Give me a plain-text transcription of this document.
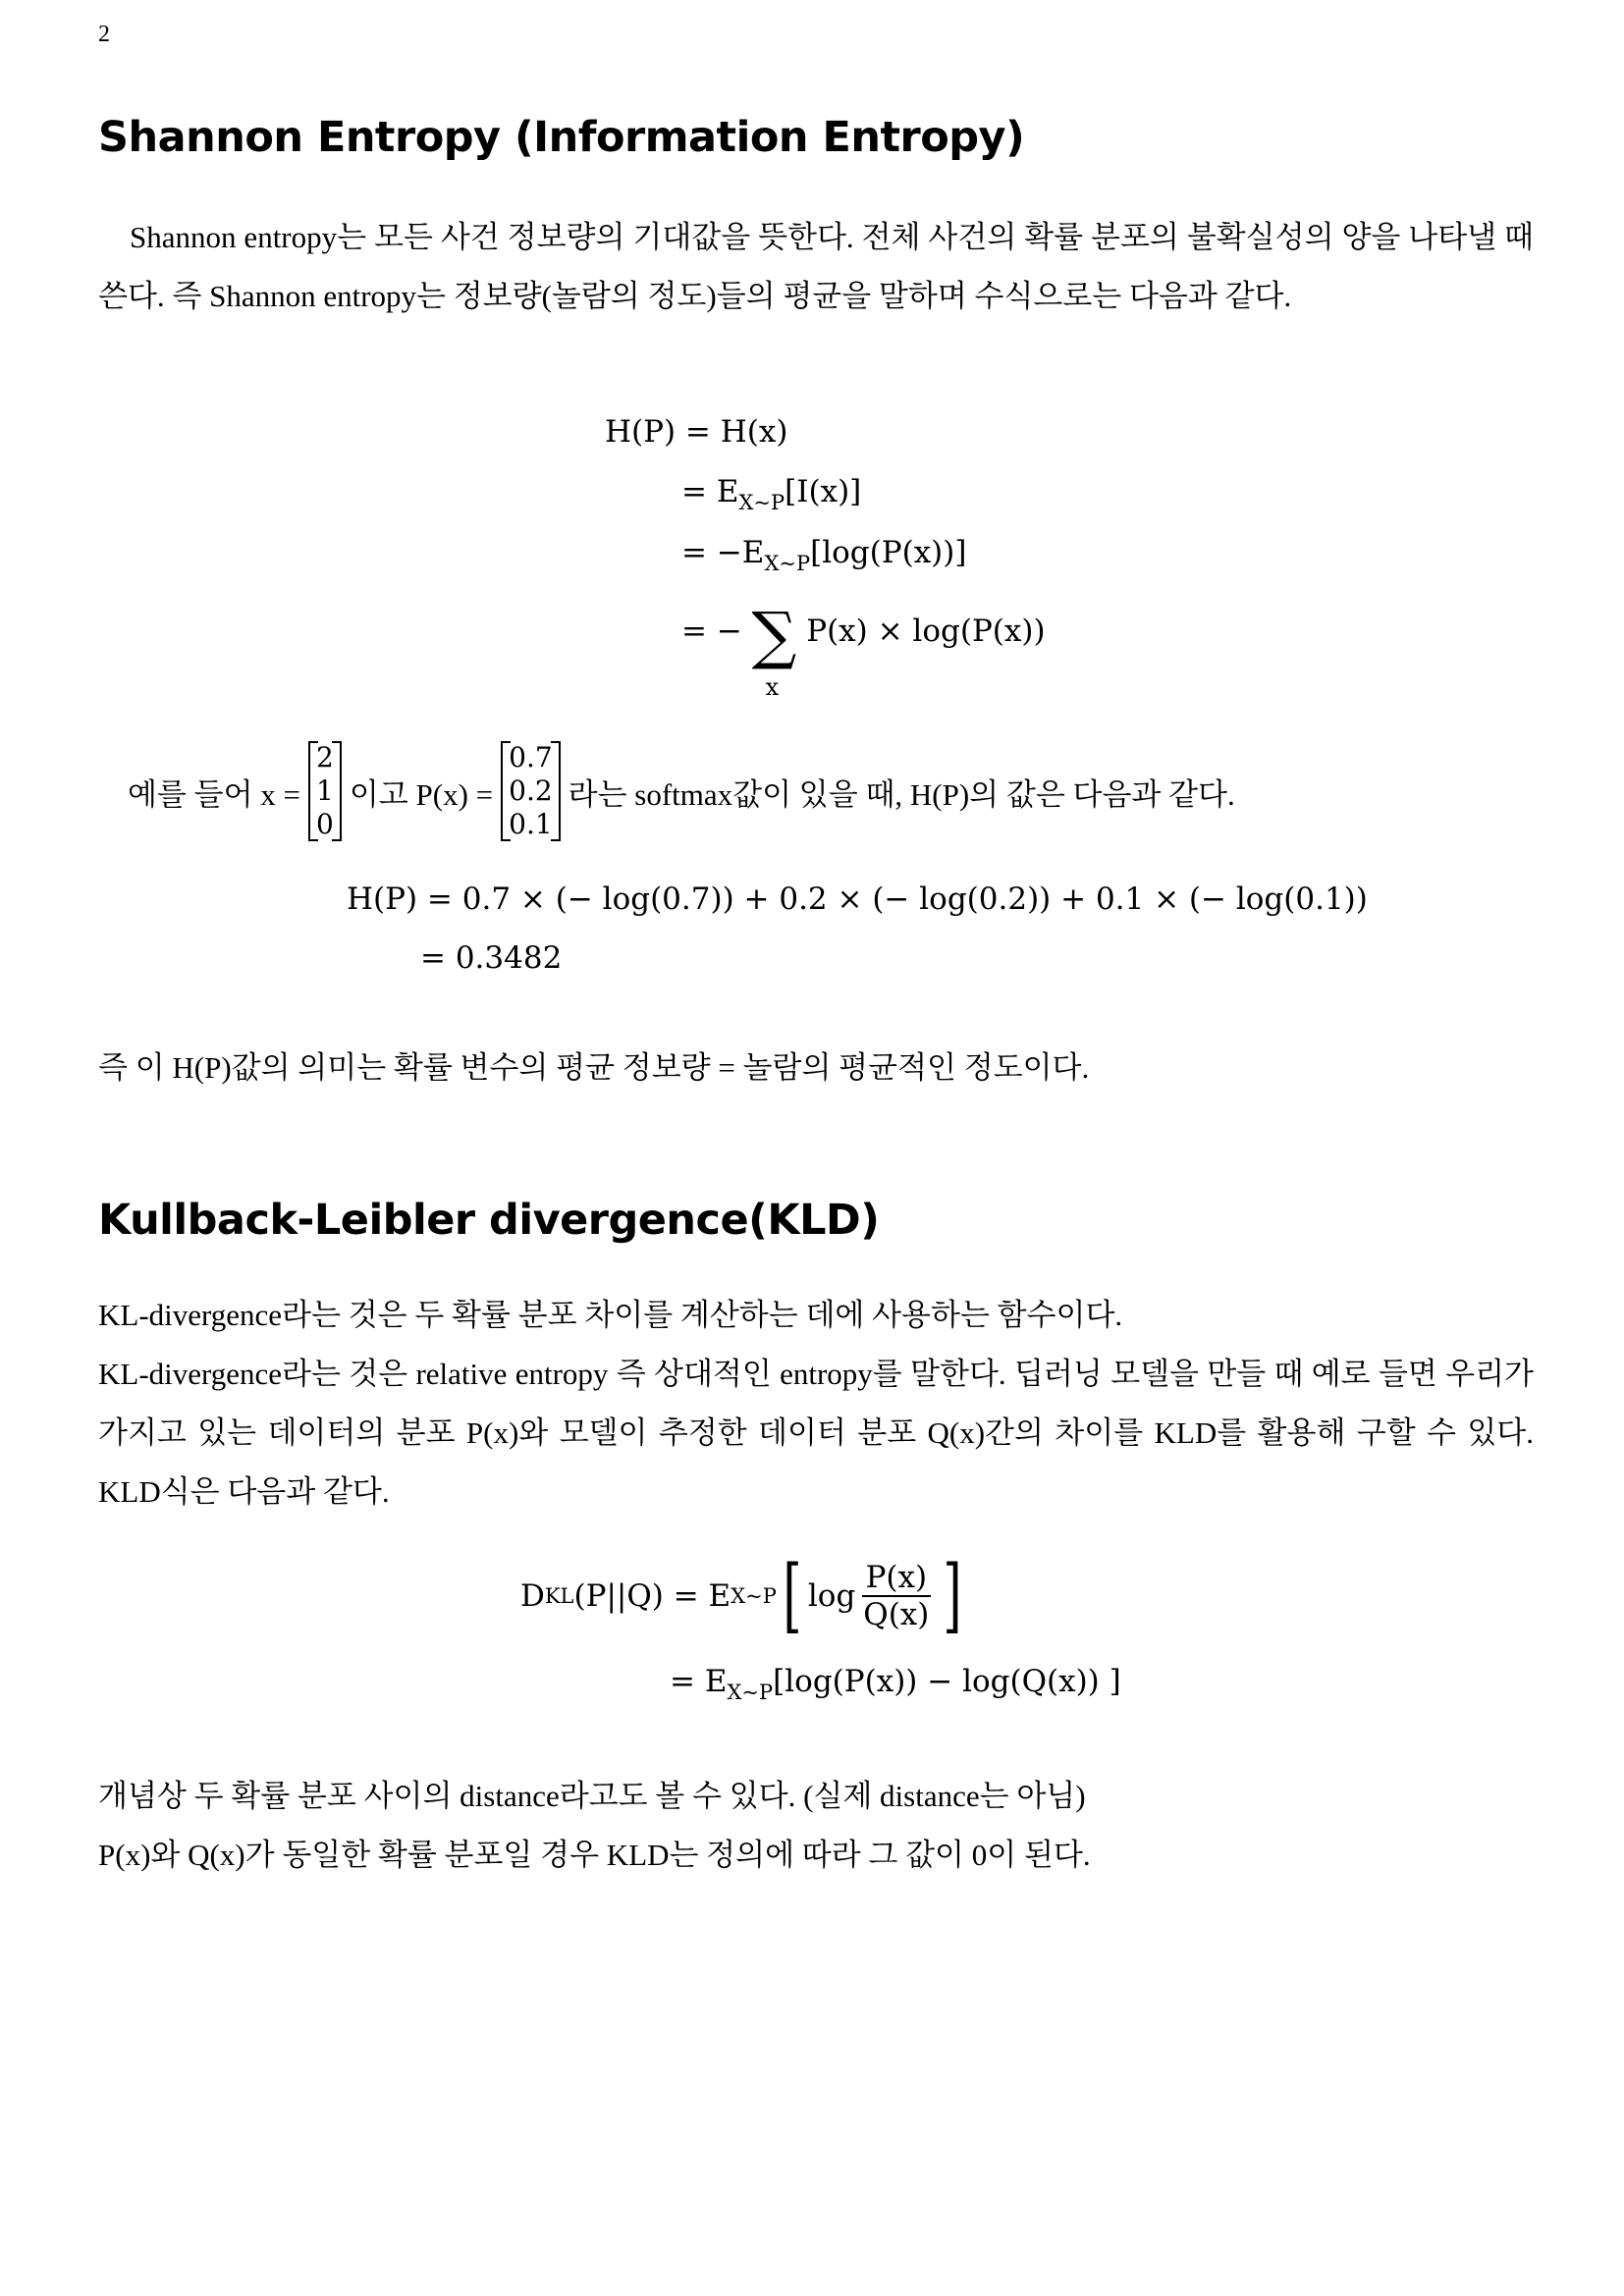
2
Shannon Entropy (Information Entropy)

Shannon entropy는 모든 사건 정보량의 기대값을 뜻한다. 전체 사건의 확률 분포의 불확실성의 양을 나타낼 때 쓴다. 즉 Shannon entropy는 정보량(놀람의 정도)들의 평균을 말하며 수식으로는 다음과 같다.

H(P) = H(x)
= $E_{X\sim P}[I(x)]$
= $-E_{X\sim P}[\log(P(x))]$
= − ∑
x
P(x) × log(P(x))
예를 들어 x =
2
1
0
이고 P(x) =
0.7
0.2
0.1
라는 softmax값이 있을 때, H(P)의 값은 다음과 같다.
H(P) = 0.7 × (− log(0.7)) + 0.2 × (− log(0.2)) + 0.1 × (− log(0.1))
= 0.3482
즉 이 H(P)값의 의미는 확률 변수의 평균 정보량 = 놀람의 평균적인 정도이다.
Kullback-Leibler divergence(KLD)

KL-divergence라는 것은 두 확률 분포 차이를 계산하는 데에 사용하는 함수이다.

KL-divergence라는 것은 relative entropy 즉 상대적인 entropy를 말한다. 딥러닝 모델을 만들 때 예로 들면 우리가 가지고 있는 데이터의 분포 P(x)와 모델이 추정한 데이터 분포 Q(x)간의 차이를 KLD를 활용해 구할 수 있다. KLD식은 다음과 같다.

D KL (P||Q) = E X~P [ $\log \frac{P(x)}{Q(x)}$ ]
= $E_{X\sim P}[\log(P(x)) - \log(Q(x))$ ]

개념상 두 확률 분포 사이의 distance라고도 볼 수 있다. (실제 distance는 아님)

P(x)와 Q(x)가 동일한 확률 분포일 경우 KLD는 정의에 따라 그 값이 0이 된다.
